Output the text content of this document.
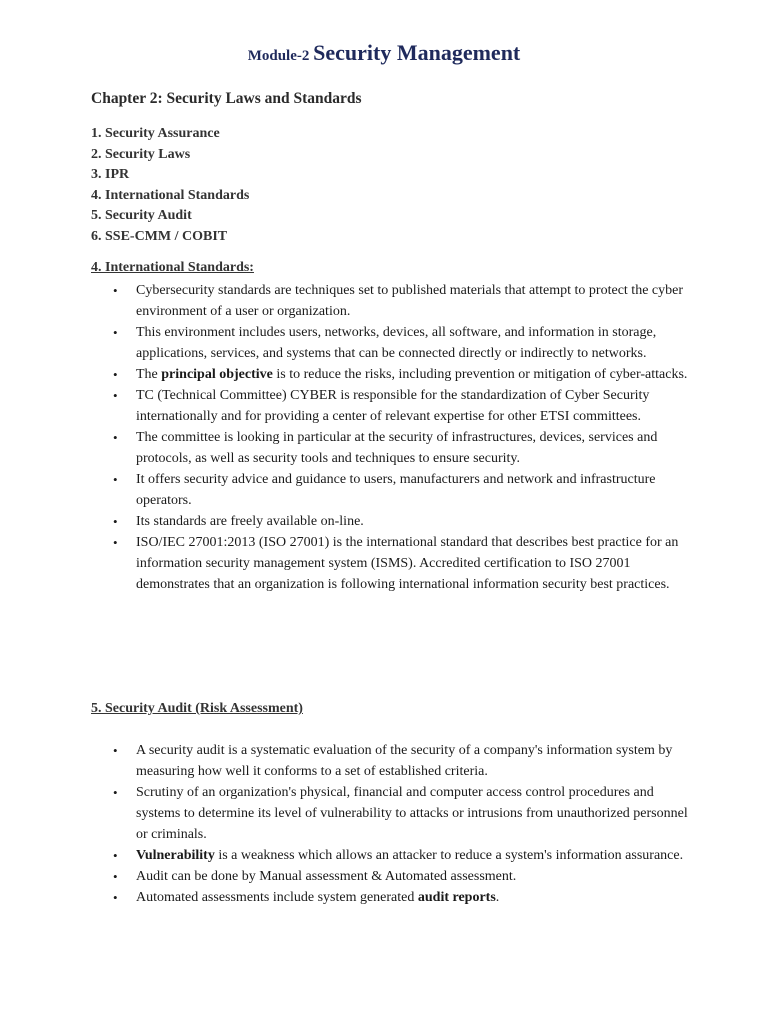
Module-2 Security Management
Chapter 2: Security Laws and Standards
1. Security Assurance
2. Security Laws
3. IPR
4. International Standards
5. Security Audit
6. SSE-CMM / COBIT
4. International Standards:
• Cybersecurity standards are techniques set to published materials that attempt to protect the cyber environment of a user or organization.
• This environment includes users, networks, devices, all software, and information in storage, applications, services, and systems that can be connected directly or indirectly to networks.
• The principal objective is to reduce the risks, including prevention or mitigation of cyber-attacks.
• TC (Technical Committee) CYBER is responsible for the standardization of Cyber Security internationally and for providing a center of relevant expertise for other ETSI committees.
• The committee is looking in particular at the security of infrastructures, devices, services and protocols, as well as security tools and techniques to ensure security.
• It offers security advice and guidance to users, manufacturers and network and infrastructure operators.
• Its standards are freely available on-line.
• ISO/IEC 27001:2013 (ISO 27001) is the international standard that describes best practice for an information security management system (ISMS). Accredited certification to ISO 27001 demonstrates that an organization is following international information security best practices.
5. Security Audit (Risk Assessment)
• A security audit is a systematic evaluation of the security of a company's information system by measuring how well it conforms to a set of established criteria.
• Scrutiny of an organization's physical, financial and computer access control procedures and systems to determine its level of vulnerability to attacks or intrusions from unauthorized personnel or criminals.
• Vulnerability is a weakness which allows an attacker to reduce a system's information assurance.
• Audit can be done by Manual assessment & Automated assessment.
• Automated assessments include system generated audit reports.
